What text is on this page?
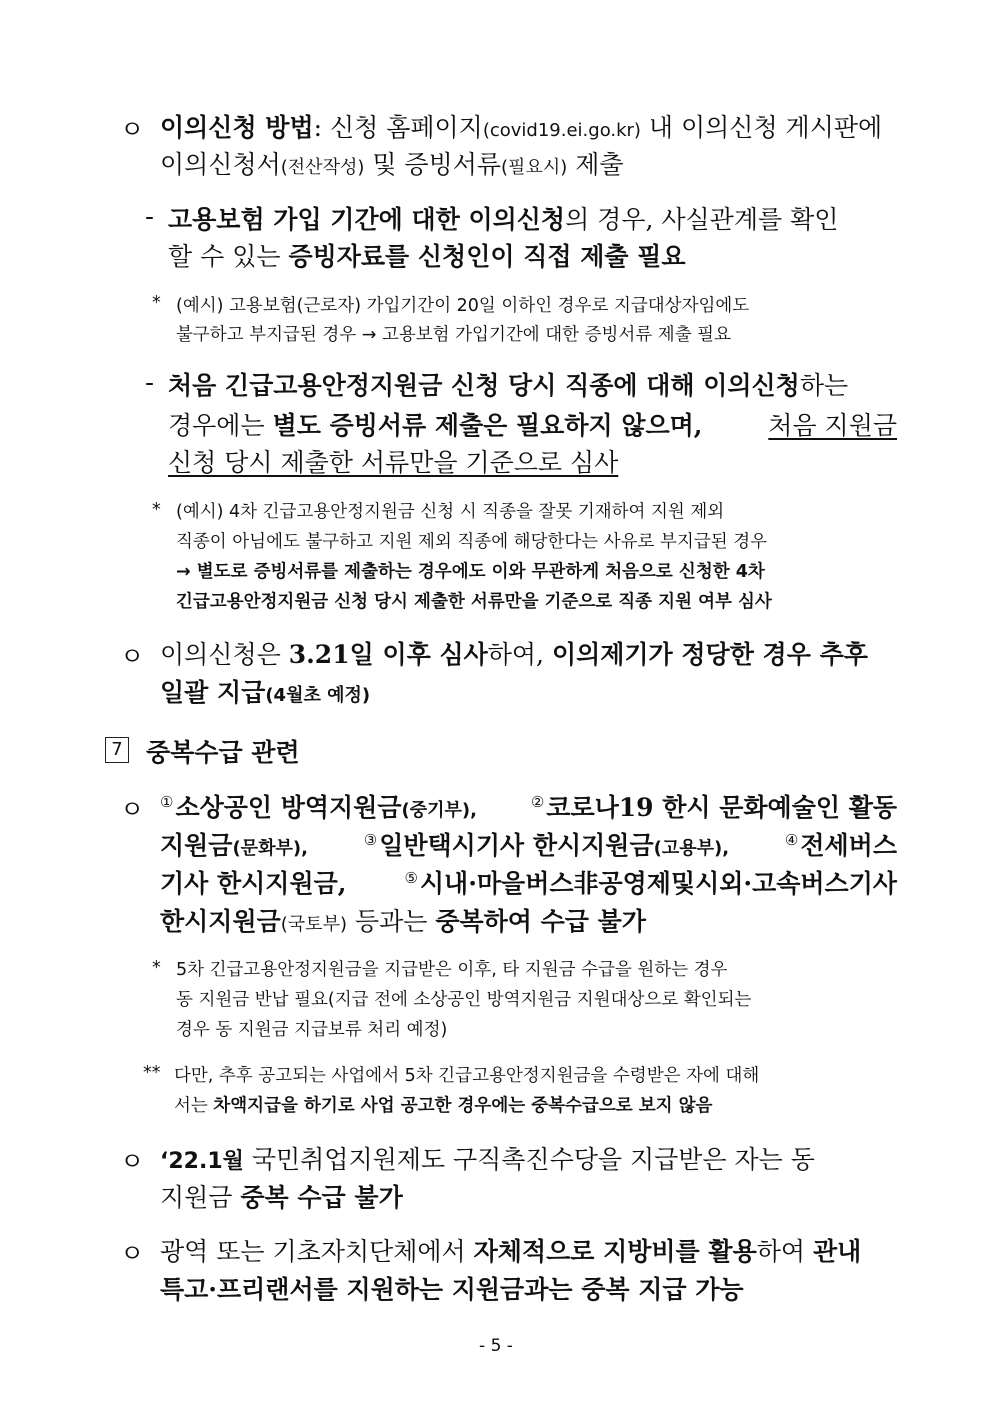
ㅇ 이의신청 방법: 신청 홈페이지(covid19.ei.go.kr) 내 이의신청 게시판에
이의신청서(전산작성) 및 증빙서류(필요시) 제출
- 고용보험 가입 기간에 대한 이의신청의 경우, 사실관계를 확인
할 수 있는 증빙자료를 신청인이 직접 제출 필요
* (예시) 고용보험(근로자) 가입기간이 20일 이하인 경우로 지급대상자임에도
불구하고 부지급된 경우 → 고용보험 가입기간에 대한 증빙서류 제출 필요
- 처음 긴급고용안정지원금 신청 당시 직종에 대해 이의신청하는
경우에는 별도 증빙서류 제출은 필요하지 않으며,	처음 지원금
신청 당시 제출한 서류만을 기준으로 심사
* (예시) 4차 긴급고용안정지원금 신청 시 직종을 잘못 기재하여 지원 제외
직종이 아님에도 불구하고 지원 제외 직종에 해당한다는 사유로 부지급된 경우
→ 별도로 증빙서류를 제출하는 경우에도 이와 무관하게 처음으로 신청한 4차
긴급고용안정지원금 신청 당시 제출한 서류만을 기준으로 직종 지원 여부 심사
ㅇ 이의신청은 3.21일 이후 심사하여, 이의제기가 정당한 경우 추후
일괄 지급(4월초 예정)
7 중복수급 관련
ㅇ ①소상공인 방역지원금(중기부),	②코로나19 한시 문화예술인 활동
지원금(문화부),	③일반택시기사 한시지원금(고용부),	④전세버스
기사 한시지원금,	⑤시내·마을버스非공영제및시외·고속버스기사
한시지원금(국토부) 등과는 중복하여 수급 불가
* 5차 긴급고용안정지원금을 지급받은 이후, 타 지원금 수급을 원하는 경우
동 지원금 반납 필요(지급 전에 소상공인 방역지원금 지원대상으로 확인되는
경우 동 지원금 지급보류 처리 예정)
** 다만, 추후 공고되는 사업에서 5차 긴급고용안정지원금을 수령받은 자에 대해
서는 차액지급을 하기로 사업 공고한 경우에는 중복수급으로 보지 않음
ㅇ ‘22.1월 국민취업지원제도 구직촉진수당을 지급받은 자는 동
지원금 중복 수급 불가
ㅇ 광역 또는 기초자치단체에서 자체적으로 지방비를 활용하여 관내
특고·프리랜서를 지원하는 지원금과는 중복 지급 가능
- 5 -
